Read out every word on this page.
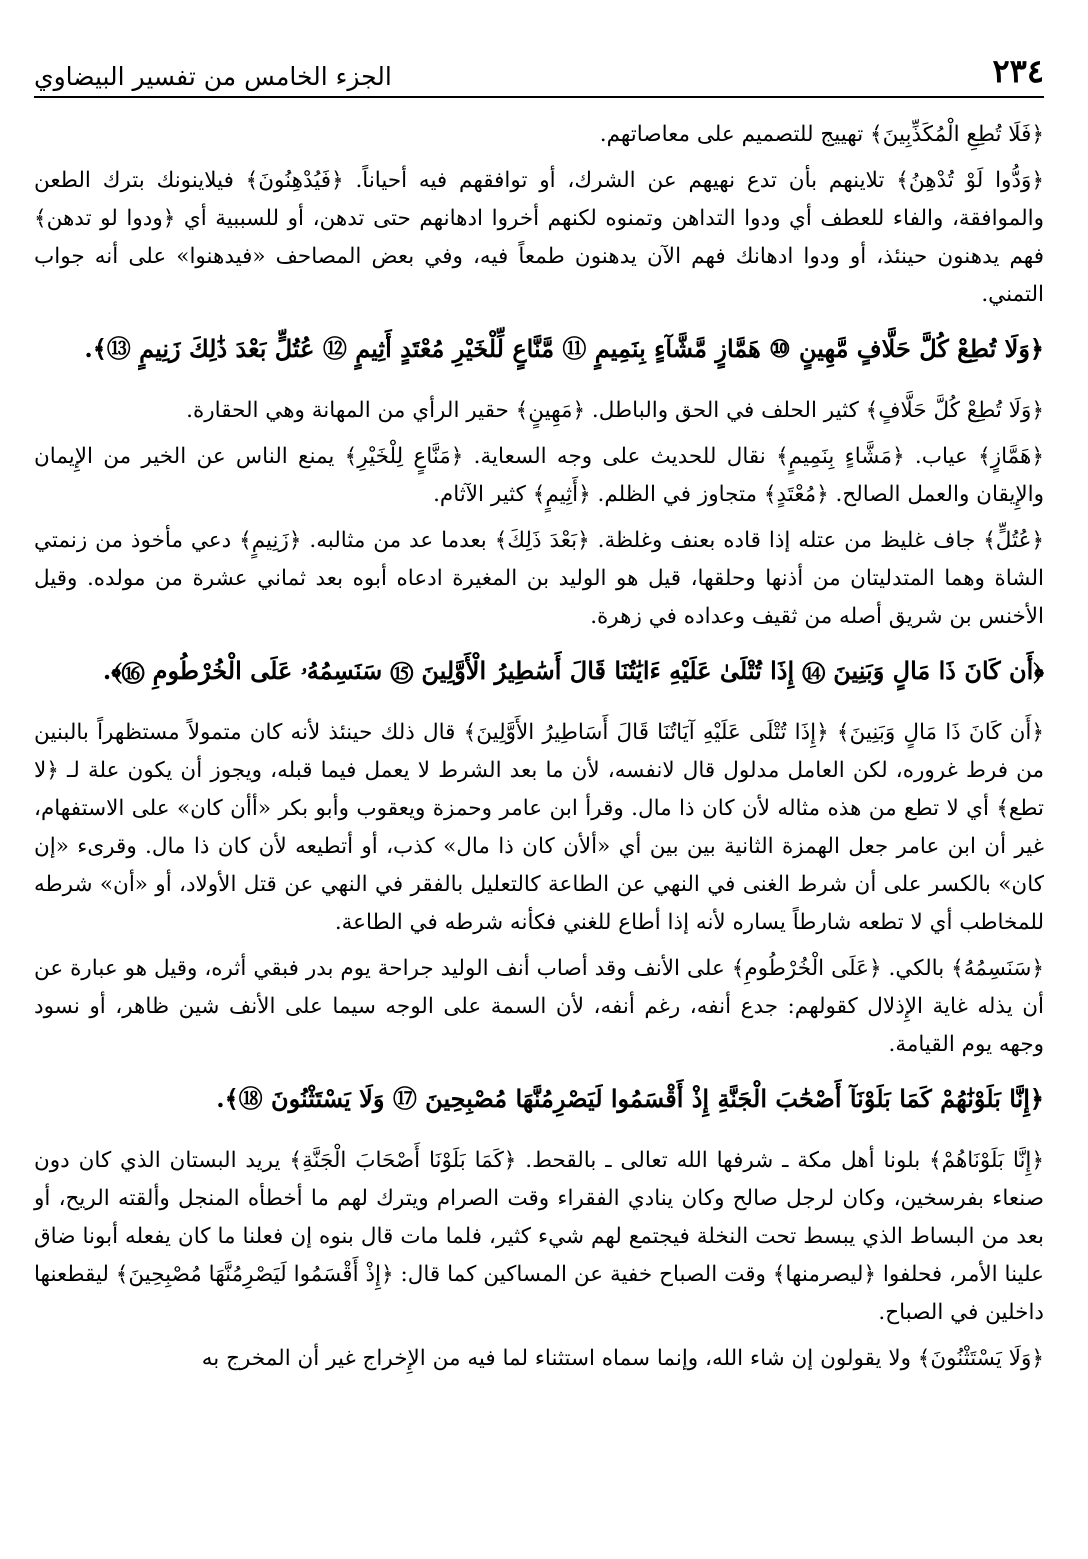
الجزء الخامس من تفسير البيضاوي	٢٣٤

﴿فَلَا تُطِعِ الْمُكَذِّبِينَ﴾ تهييج للتصميم على معاصاتهم.

﴿وَدُّوا لَوْ تُدْهِنُ﴾ تلاينهم بأن تدع نهيهم عن الشرك، أو توافقهم فيه أحياناً. ﴿فَيُدْهِنُونَ﴾ فيلاينونك بترك الطعن والموافقة، والفاء للعطف أي ودوا التداهن وتمنوه لكنهم أخروا ادهانهم حتى تدهن، أو للسببية أي ﴿ودوا لو تدهن﴾ فهم يدهنون حينئذ، أو ودوا ادهانك فهم الآن يدهنون طمعاً فيه، وفي بعض المصاحف «فيدهنوا» على أنه جواب التمني.

﴿وَلَا تُطِعْ كُلَّ حَلَّافٍ مَّهِينٍ ⑩ هَمَّازٍ مَّشَّآءٍ بِنَمِيمٍ ⑪ مَّنَّاعٍ لِّلْخَيْرِ مُعْتَدٍ أَثِيمٍ ⑫ عُتُلٍّ بَعْدَ ذَٰلِكَ زَنِيمٍ ⑬﴾.

﴿وَلَا تُطِعْ كُلَّ حَلَّافٍ﴾ كثير الحلف في الحق والباطل. ﴿مَهِينٍ﴾ حقير الرأي من المهانة وهي الحقارة.

﴿هَمَّازٍ﴾ عياب. ﴿مَشَّاءٍ بِنَمِيمٍ﴾ نقال للحديث على وجه السعاية. ﴿مَنَّاعٍ لِلْخَيْرِ﴾ يمنع الناس عن الخير من الإِيمان والإِيقان والعمل الصالح. ﴿مُعْتَدٍ﴾ متجاوز في الظلم. ﴿أَثِيمٍ﴾ كثير الآثام.

﴿عُتُلٍّ﴾ جاف غليظ من عتله إذا قاده بعنف وغلظة. ﴿بَعْدَ ذَلِكَ﴾ بعدما عد من مثالبه. ﴿زَنِيمٍ﴾ دعي مأخوذ من زنمتي الشاة وهما المتدليتان من أذنها وحلقها، قيل هو الوليد بن المغيرة ادعاه أبوه بعد ثماني عشرة من مولده. وقيل الأخنس بن شريق أصله من ثقيف وعداده في زهرة.

﴿أَن كَانَ ذَا مَالٍ وَبَنِينَ ⑭ إِذَا تُتْلَىٰ عَلَيْهِ ءَايَٰتُنَا قَالَ أَسَٰطِيرُ الْأَوَّلِينَ ⑮ سَنَسِمُهُۥ عَلَى الْخُرْطُومِ ⑯﴾.

﴿أَن كَانَ ذَا مَالٍ وَبَنِينَ﴾ ﴿إِذَا تُتْلَى عَلَيْهِ آيَاتُنَا قَالَ أَسَاطِيرُ الأَوَّلِينَ﴾ قال ذلك حينئذ لأنه كان متمولاً مستظهراً بالبنين من فرط غروره، لكن العامل مدلول قال لانفسه، لأن ما بعد الشرط لا يعمل فيما قبله، ويجوز أن يكون علة لـ ﴿لا تطع﴾ أي لا تطع من هذه مثاله لأن كان ذا مال. وقرأ ابن عامر وحمزة ويعقوب وأبو بكر «أأن كان» على الاستفهام، غير أن ابن عامر جعل الهمزة الثانية بين بين أي «ألأن كان ذا مال» كذب، أو أتطيعه لأن كان ذا مال. وقرىء «إن كان» بالكسر على أن شرط الغنى في النهي عن الطاعة كالتعليل بالفقر في النهي عن قتل الأولاد، أو «أن» شرطه للمخاطب أي لا تطعه شارطاً يساره لأنه إذا أطاع للغني فكأنه شرطه في الطاعة.

﴿سَنَسِمُهُ﴾ بالكي. ﴿عَلَى الْخُرْطُومِ﴾ على الأنف وقد أصاب أنف الوليد جراحة يوم بدر فبقي أثره، وقيل هو عبارة عن أن يذله غاية الإِذلال كقولهم: جدع أنفه، رغم أنفه، لأن السمة على الوجه سيما على الأنف شين ظاهر، أو نسود وجهه يوم القيامة.

﴿إِنَّا بَلَوْنَٰهُمْ كَمَا بَلَوْنَآ أَصْحَٰبَ الْجَنَّةِ إِذْ أَقْسَمُوا لَيَصْرِمُنَّهَا مُصْبِحِينَ ⑰ وَلَا يَسْتَثْنُونَ ⑱﴾.

﴿إِنَّا بَلَوْنَاهُمْ﴾ بلونا أهل مكة ـ شرفها الله تعالى ـ بالقحط. ﴿كَمَا بَلَوْنَا أَصْحَابَ الْجَنَّةِ﴾ يريد البستان الذي كان دون صنعاء بفرسخين، وكان لرجل صالح وكان ينادي الفقراء وقت الصرام ويترك لهم ما أخطأه المنجل وألقته الريح، أو بعد من البساط الذي يبسط تحت النخلة فيجتمع لهم شيء كثير، فلما مات قال بنوه إن فعلنا ما كان يفعله أبونا ضاق علينا الأمر، فحلفوا ﴿ليصرمنها﴾ وقت الصباح خفية عن المساكين كما قال: ﴿إِذْ أَقْسَمُوا لَيَصْرِمُنَّهَا مُصْبِحِينَ﴾ ليقطعنها داخلين في الصباح.

﴿وَلَا يَسْتَثْنُونَ﴾ ولا يقولون إن شاء الله، وإنما سماه استثناء لما فيه من الإِخراج غير أن المخرج به
